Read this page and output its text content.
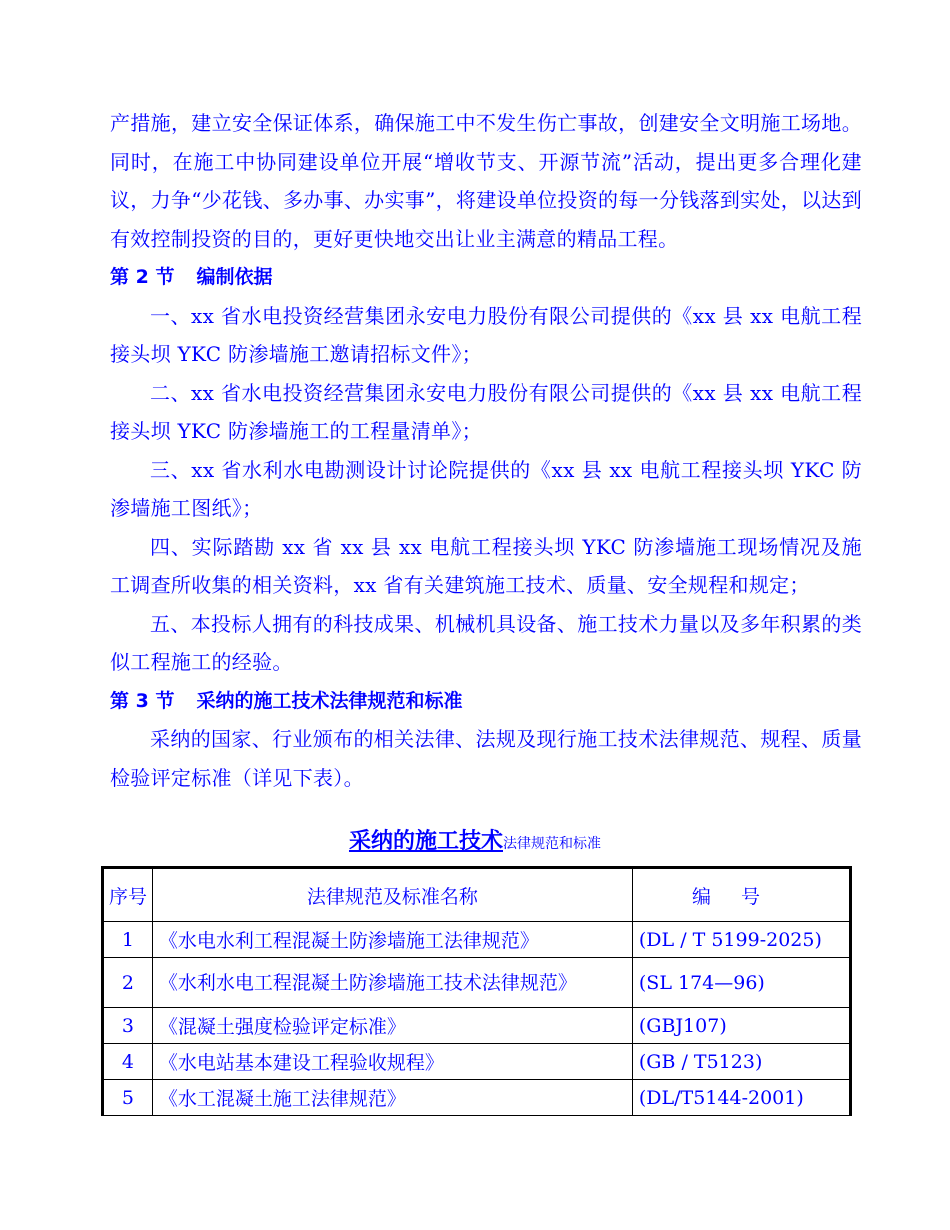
产措施，建立安全保证体系，确保施工中不发生伤亡事故，创建安全文明施工场地。同时，在施工中协同建设单位开展“增收节支、开源节流”活动，提出更多合理化建议，力争“少花钱、多办事、办实事”，将建设单位投资的每一分钱落到实处，以达到有效控制投资的目的，更好更快地交出让业主满意的精品工程。

第 2 节 编制依据

一、xx 省水电投资经营集团永安电力股份有限公司提供的《xx 县 xx 电航工程接头坝 YKC 防渗墙施工邀请招标文件》；

二、xx 省水电投资经营集团永安电力股份有限公司提供的《xx 县 xx 电航工程接头坝 YKC 防渗墙施工的工程量清单》；

三、xx 省水利水电勘测设计讨论院提供的《xx 县 xx 电航工程接头坝 YKC 防渗墙施工图纸》；

四、实际踏勘 xx 省 xx 县 xx 电航工程接头坝 YKC 防渗墙施工现场情况及施工调查所收集的相关资料，xx 省有关建筑施工技术、质量、安全规程和规定；

五、本投标人拥有的科技成果、机械机具设备、施工技术力量以及多年积累的类似工程施工的经验。

第 3 节 采纳的施工技术法律规范和标准

采纳的国家、行业颁布的相关法律、法规及现行施工技术法律规范、规程、质量检验评定标准（详见下表）。

采纳的施工技术法律规范和标准
序号	法律规范及标准名称	编号
1	《水电水利工程混凝土防渗墙施工法律规范》	(DL / T 5199-2025)
2	《水利水电工程混凝土防渗墙施工技术法律规范》	(SL 174—96)
3	《混凝土强度检验评定标准》	(GBJ107)
4	《水电站基本建设工程验收规程》	(GB / T5123)
5	《水工混凝土施工法律规范》	(DL/T5144-2001)
